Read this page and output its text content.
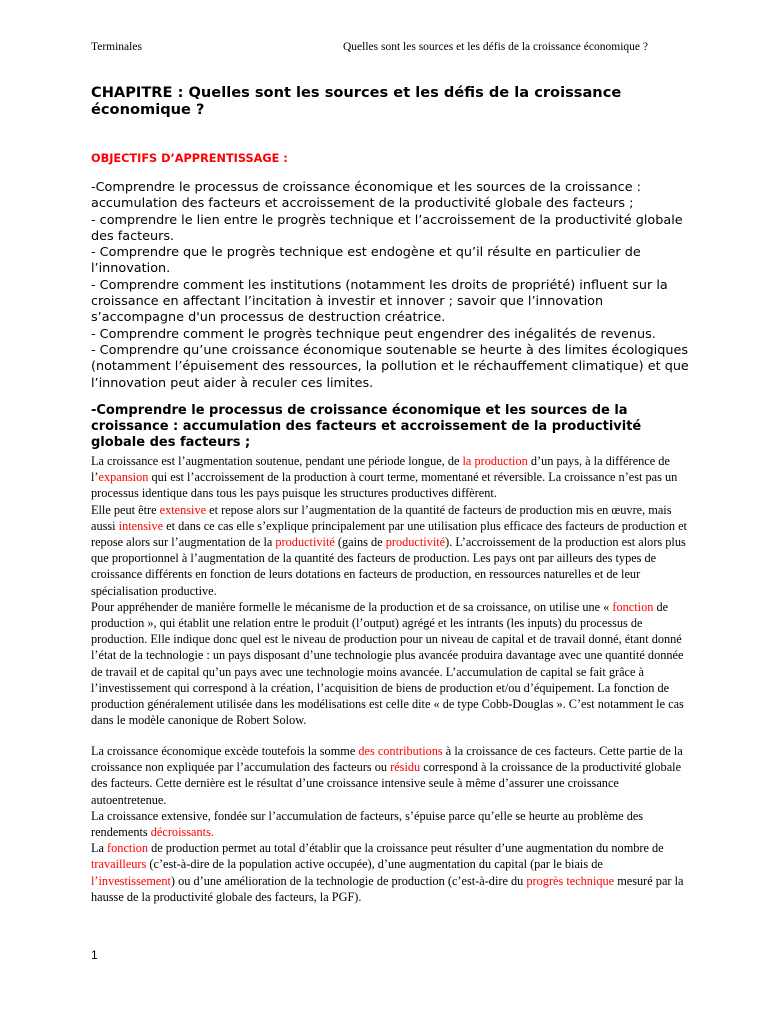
Terminales	Quelles sont les sources et les défis de la croissance économique ?
CHAPITRE : Quelles sont les sources et les défis de la croissance économique ?
OBJECTIFS D’APPRENTISSAGE :

-Comprendre le processus de croissance économique et les sources de la croissance : accumulation des facteurs et accroissement de la productivité globale des facteurs ;

- comprendre le lien entre le progrès technique et l’accroissement de la productivité globale des facteurs.

- Comprendre que le progrès technique est endogène et qu’il résulte en particulier de l’innovation.

- Comprendre comment les institutions (notamment les droits de propriété) influent sur la croissance en affectant l’incitation à investir et innover ; savoir que l’innovation s’accompagne d'un processus de destruction créatrice.

- Comprendre comment le progrès technique peut engendrer des inégalités de revenus.

- Comprendre qu’une croissance économique soutenable se heurte à des limites écologiques (notamment l’épuisement des ressources, la pollution et le réchauffement climatique) et que l’innovation peut aider à reculer ces limites.

-Comprendre le processus de croissance économique et les sources de la croissance : accumulation des facteurs et accroissement de la productivité globale des facteurs ;

La croissance est l’augmentation soutenue, pendant une période longue, de la production d’un pays, à la différence de l’expansion qui est l’accroissement de la production à court terme, momentané et réversible. La croissance n’est pas un processus identique dans tous les pays puisque les structures productives diffèrent.

Elle peut être extensive et repose alors sur l’augmentation de la quantité de facteurs de production mis en œuvre, mais aussi intensive et dans ce cas elle s’explique principalement par une utilisation plus efficace des facteurs de production et repose alors sur l’augmentation de la productivité (gains de productivité). L’accroissement de la production est alors plus que proportionnel à l’augmentation de la quantité des facteurs de production. Les pays ont par ailleurs des types de croissance différents en fonction de leurs dotations en facteurs de production, en ressources naturelles et de leur spécialisation productive.

Pour appréhender de manière formelle le mécanisme de la production et de sa croissance, on utilise une « fonction de production », qui établit une relation entre le produit (l’output) agrégé et les intrants (les inputs) du processus de production. Elle indique donc quel est le niveau de production pour un niveau de capital et de travail donné, étant donné l’état de la technologie : un pays disposant d’une technologie plus avancée produira davantage avec une quantité donnée de travail et de capital qu’un pays avec une technologie moins avancée. L’accumulation de capital se fait grâce à l’investissement qui correspond à la création, l’acquisition de biens de production et/ou d’équipement. La fonction de production généralement utilisée dans les modélisations est celle dite « de type Cobb-Douglas ». C’est notamment le cas dans le modèle canonique de Robert Solow.

La croissance économique excède toutefois la somme des contributions à la croissance de ces facteurs. Cette partie de la croissance non expliquée par l’accumulation des facteurs ou résidu correspond à la croissance de la productivité globale des facteurs. Cette dernière est le résultat d’une croissance intensive seule à même d’assurer une croissance autoentretenue.

La croissance extensive, fondée sur l’accumulation de facteurs, s’épuise parce qu’elle se heurte au problème des rendements décroissants.

La fonction de production permet au total d’établir que la croissance peut résulter d’une augmentation du nombre de travailleurs (c’est-à-dire de la population active occupée), d’une augmentation du capital (par le biais de l’investissement) ou d’une amélioration de la technologie de production (c’est-à-dire du progrès technique mesuré par la hausse de la productivité globale des facteurs, la PGF).

1
